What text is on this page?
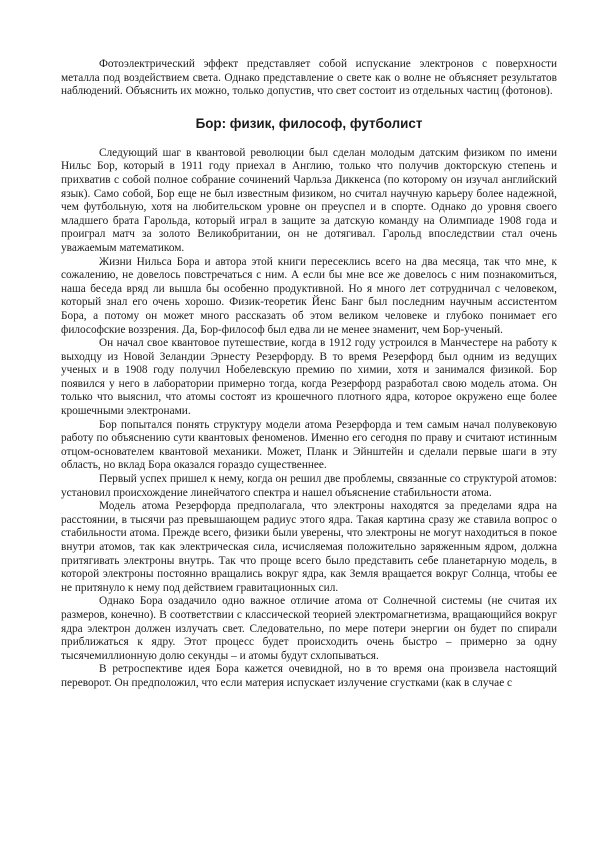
Фотоэлектрический эффект представляет собой испускание электронов с поверхности металла под воздействием света. Однако представление о свете как о волне не объясняет результатов наблюдений. Объяснить их можно, только допустив, что свет состоит из отдельных частиц (фотонов).

Бор: физик, философ, футболист

Следующий шаг в квантовой революции был сделан молодым датским физиком по имени Нильс Бор, который в 1911 году приехал в Англию, только что получив докторскую степень и прихватив с собой полное собрание сочинений Чарльза Диккенса (по которому он изучал английский язык). Само собой, Бор еще не был известным физиком, но считал научную карьеру более надежной, чем футбольную, хотя на любительском уровне он преуспел и в спорте. Однако до уровня своего младшего брата Гарольда, который играл в защите за датскую команду на Олимпиаде 1908 года и проиграл матч за золото Великобритании, он не дотягивал. Гарольд впоследствии стал очень уважаемым математиком.

Жизни Нильса Бора и автора этой книги пересеклись всего на два месяца, так что мне, к сожалению, не довелось повстречаться с ним. А если бы мне все же довелось с ним познакомиться, наша беседа вряд ли вышла бы особенно продуктивной. Но я много лет сотрудничал с человеком, который знал его очень хорошо. Физик-теоретик Йенс Банг был последним научным ассистентом Бора, а потому он может много рассказать об этом великом человеке и глубоко понимает его философские воззрения. Да, Бор-философ был едва ли не менее знаменит, чем Бор-ученый.

Он начал свое квантовое путешествие, когда в 1912 году устроился в Манчестере на работу к выходцу из Новой Зеландии Эрнесту Резерфорду. В то время Резерфорд был одним из ведущих ученых и в 1908 году получил Нобелевскую премию по химии, хотя и занимался физикой. Бор появился у него в лаборатории примерно тогда, когда Резерфорд разработал свою модель атома. Он только что выяснил, что атомы состоят из крошечного плотного ядра, которое окружено еще более крошечными электронами.

Бор попытался понять структуру модели атома Резерфорда и тем самым начал полувековую работу по объяснению сути квантовых феноменов. Именно его сегодня по праву и считают истинным отцом-основателем квантовой механики. Может, Планк и Эйнштейн и сделали первые шаги в эту область, но вклад Бора оказался гораздо существеннее.

Первый успех пришел к нему, когда он решил две проблемы, связанные со структурой атомов: установил происхождение линейчатого спектра и нашел объяснение стабильности атома.

Модель атома Резерфорда предполагала, что электроны находятся за пределами ядра на расстоянии, в тысячи раз превышающем радиус этого ядра. Такая картина сразу же ставила вопрос о стабильности атома. Прежде всего, физики были уверены, что электроны не могут находиться в покое внутри атомов, так как электрическая сила, исчисляемая положительно заряженным ядром, должна притягивать электроны внутрь. Так что проще всего было представить себе планетарную модель, в которой электроны постоянно вращались вокруг ядра, как Земля вращается вокруг Солнца, чтобы ее не притянуло к нему под действием гравитационных сил.

Однако Бора озадачило одно важное отличие атома от Солнечной системы (не считая их размеров, конечно). В соответствии с классической теорией электромагнетизма, вращающийся вокруг ядра электрон должен излучать свет. Следовательно, по мере потери энергии он будет по спирали приближаться к ядру. Этот процесс будет происходить очень быстро – примерно за одну тысячемиллионную долю секунды – и атомы будут схлопываться.

В ретроспективе идея Бора кажется очевидной, но в то время она произвела настоящий переворот. Он предположил, что если материя испускает излучение сгустками (как в случае с
